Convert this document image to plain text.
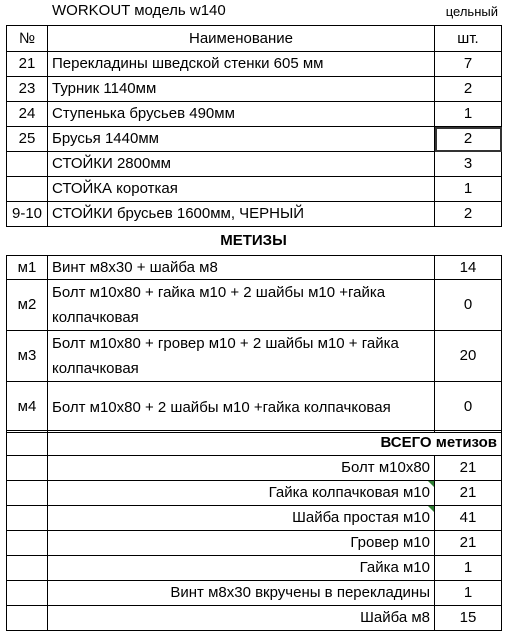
WORKOUT модель w140	цельный
№	Наименование	шт.
21	Перекладины шведской стенки 605 мм	7
23	Турник 1140мм	2
24	Ступенька брусьев 490мм	1
25	Брусья 1440мм	2
	СТОЙКИ 2800мм	3
	СТОЙКА короткая	1
9-10	СТОЙКИ брусьев 1600мм, ЧЕРНЫЙ	2
МЕТИЗЫ
м1	Винт м8х30 + шайба м8	14
м2	Болт м10х80 + гайка м10 + 2 шайбы м10 +гайка колпачковая	0
м3	Болт м10х80 + гровер м10 + 2 шайбы м10 + гайка колпачковая	20
м4	Болт м10х80 + 2 шайбы м10 +гайка колпачковая	0
	ВСЕГО метизов	
	Болт м10х80	21
	Гайка колпачковая м10	21
	Шайба простая м10	41
	Гровер м10	21
	Гайка м10	1
	Винт м8х30 вкручены в перекладины	1
	Шайба м8	15
